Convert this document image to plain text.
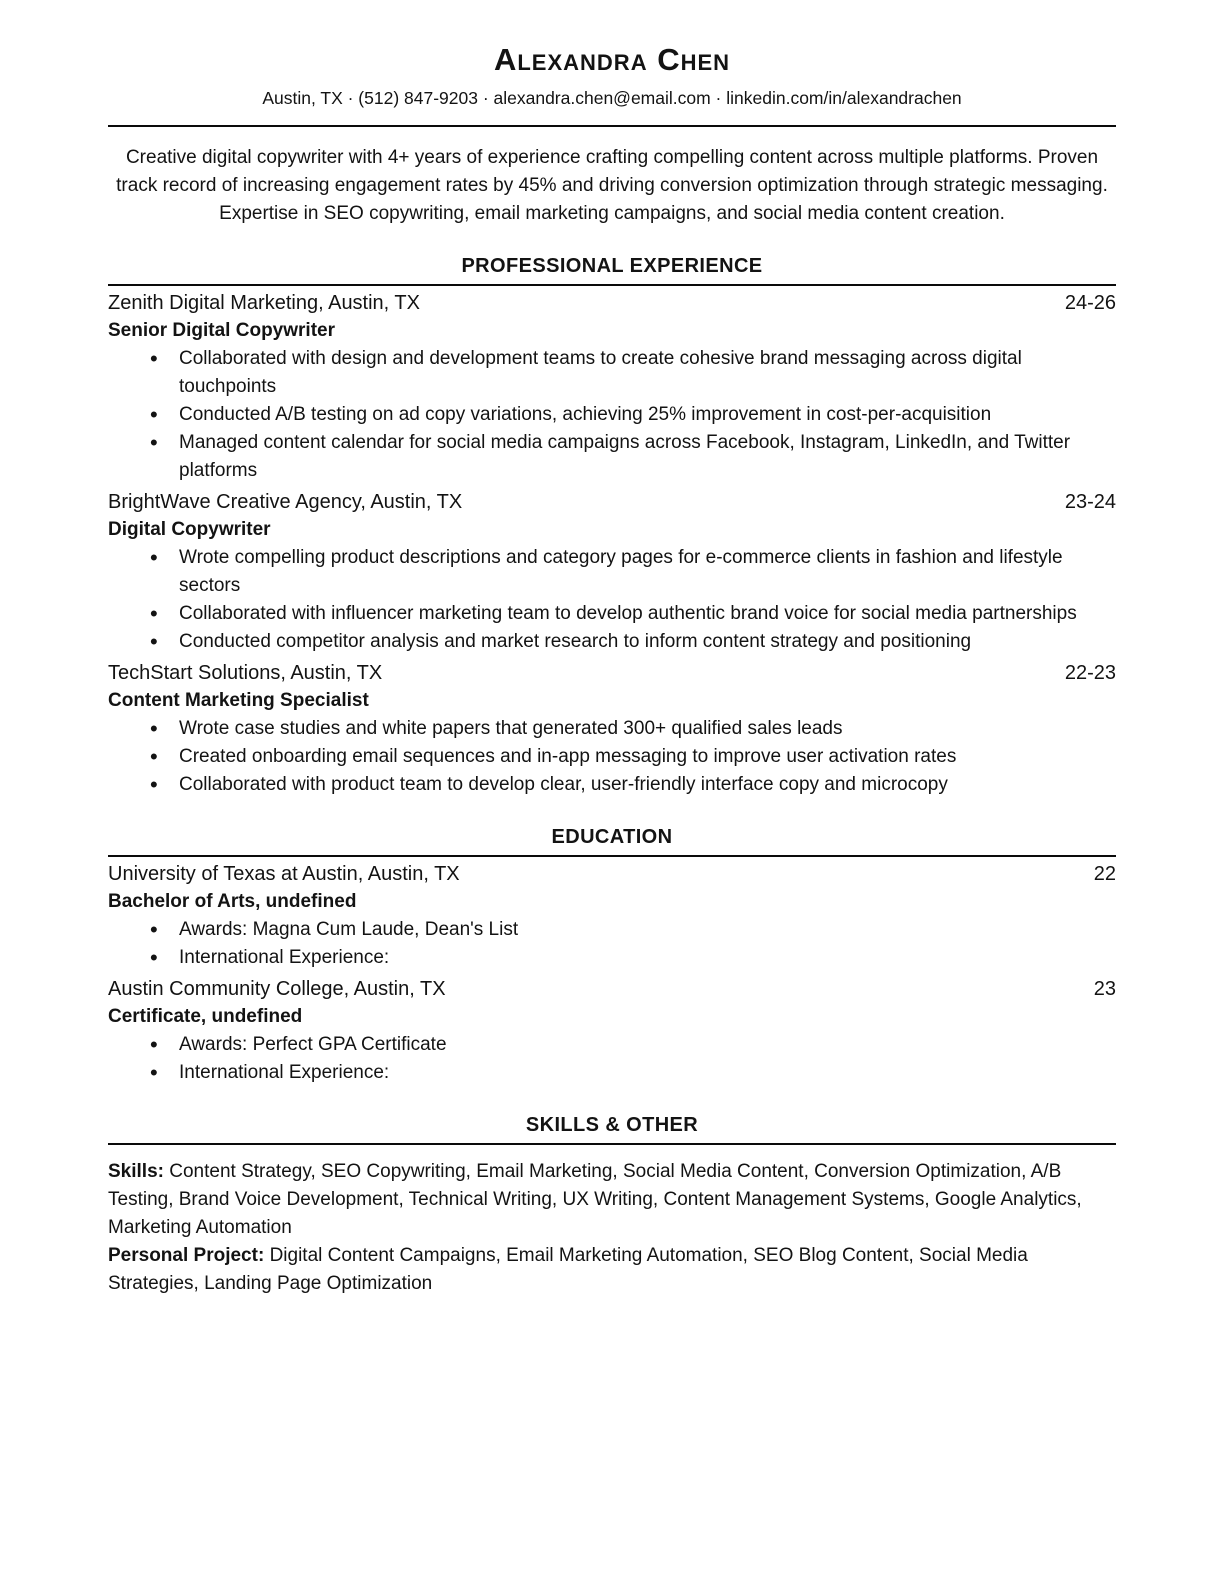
Alexandra Chen
Austin, TX · (512) 847-9203 · alexandra.chen@email.com · linkedin.com/in/alexandrachen

Creative digital copywriter with 4+ years of experience crafting compelling content across multiple platforms. Proven track record of increasing engagement rates by 45% and driving conversion optimization through strategic messaging. Expertise in SEO copywriting, email marketing campaigns, and social media content creation.

PROFESSIONAL EXPERIENCE
Zenith Digital Marketing, Austin, TX	24-26
Senior Digital Copywriter
• Collaborated with design and development teams to create cohesive brand messaging across digital touchpoints
• Conducted A/B testing on ad copy variations, achieving 25% improvement in cost-per-acquisition
• Managed content calendar for social media campaigns across Facebook, Instagram, LinkedIn, and Twitter platforms
BrightWave Creative Agency, Austin, TX	23-24
Digital Copywriter
• Wrote compelling product descriptions and category pages for e-commerce clients in fashion and lifestyle sectors
• Collaborated with influencer marketing team to develop authentic brand voice for social media partnerships
• Conducted competitor analysis and market research to inform content strategy and positioning
TechStart Solutions, Austin, TX	22-23
Content Marketing Specialist
• Wrote case studies and white papers that generated 300+ qualified sales leads
• Created onboarding email sequences and in-app messaging to improve user activation rates
• Collaborated with product team to develop clear, user-friendly interface copy and microcopy
EDUCATION
University of Texas at Austin, Austin, TX	22
Bachelor of Arts, undefined
• Awards: Magna Cum Laude, Dean's List
• International Experience:
Austin Community College, Austin, TX	23
Certificate, undefined
• Awards: Perfect GPA Certificate
• International Experience:
SKILLS & OTHER
Skills: Content Strategy, SEO Copywriting, Email Marketing, Social Media Content, Conversion Optimization, A/B Testing, Brand Voice Development, Technical Writing, UX Writing, Content Management Systems, Google Analytics, Marketing Automation
Personal Project: Digital Content Campaigns, Email Marketing Automation, SEO Blog Content, Social Media Strategies, Landing Page Optimization
